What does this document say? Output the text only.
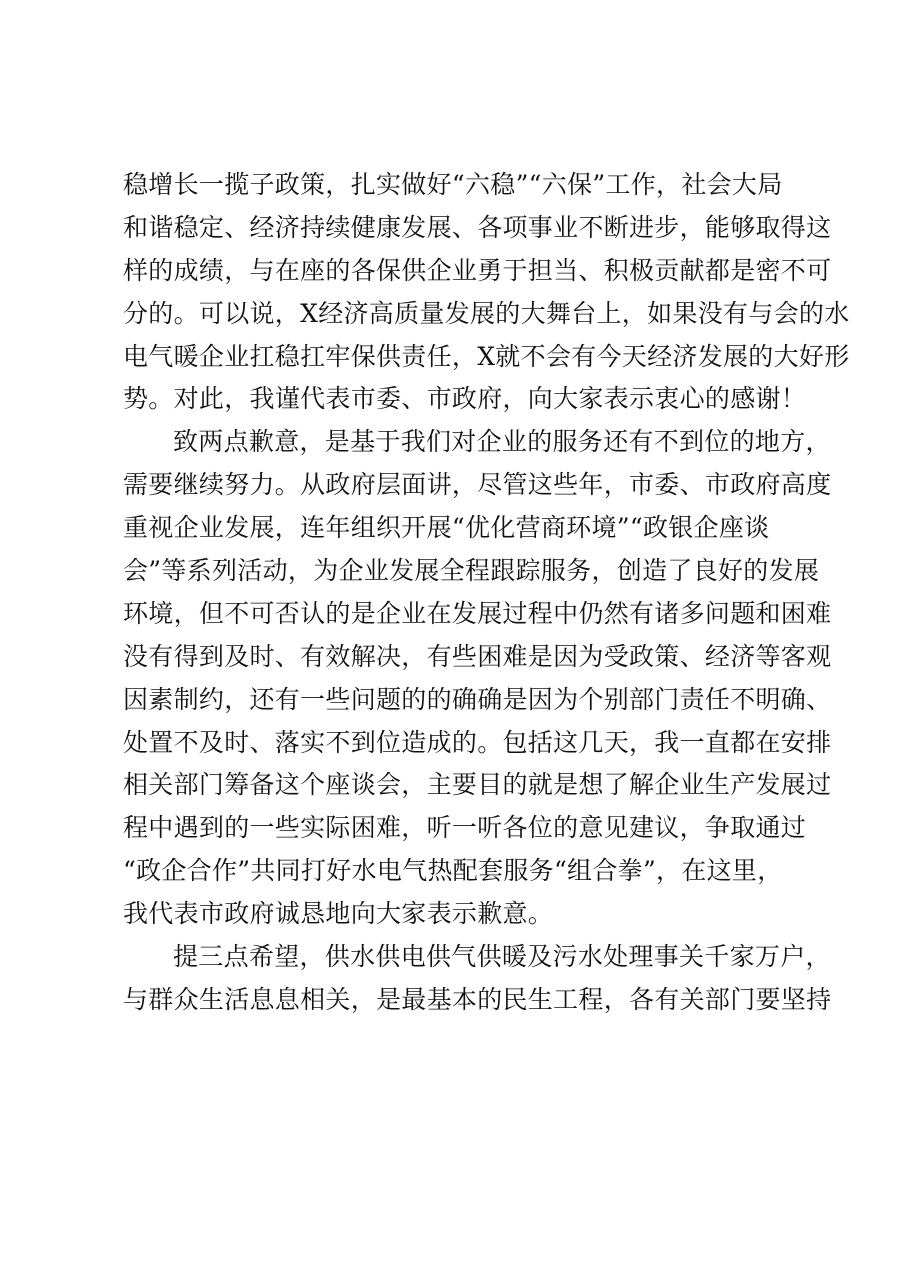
稳增长一揽子政策，扎实做好“六稳”“六保”工作，社会大局
和谐稳定、经济持续健康发展、各项事业不断进步，能够取得这
样的成绩，与在座的各保供企业勇于担当、积极贡献都是密不可
分的。可以说，X经济高质量发展的大舞台上，如果没有与会的水
电气暖企业扛稳扛牢保供责任，X就不会有今天经济发展的大好形
势。对此，我谨代表市委、市政府，向大家表示衷心的感谢！
致两点歉意，是基于我们对企业的服务还有不到位的地方，
需要继续努力。从政府层面讲，尽管这些年，市委、市政府高度
重视企业发展，连年组织开展“优化营商环境”“政银企座谈
会”等系列活动，为企业发展全程跟踪服务，创造了良好的发展
环境，但不可否认的是企业在发展过程中仍然有诸多问题和困难
没有得到及时、有效解决，有些困难是因为受政策、经济等客观
因素制约，还有一些问题的的确确是因为个别部门责任不明确、
处置不及时、落实不到位造成的。包括这几天，我一直都在安排
相关部门筹备这个座谈会，主要目的就是想了解企业生产发展过
程中遇到的一些实际困难，听一听各位的意见建议，争取通过
“政企合作”共同打好水电气热配套服务“组合拳”，在这里，
我代表市政府诚恳地向大家表示歉意。
提三点希望，供水供电供气供暖及污水处理事关千家万户，
与群众生活息息相关，是最基本的民生工程，各有关部门要坚持
